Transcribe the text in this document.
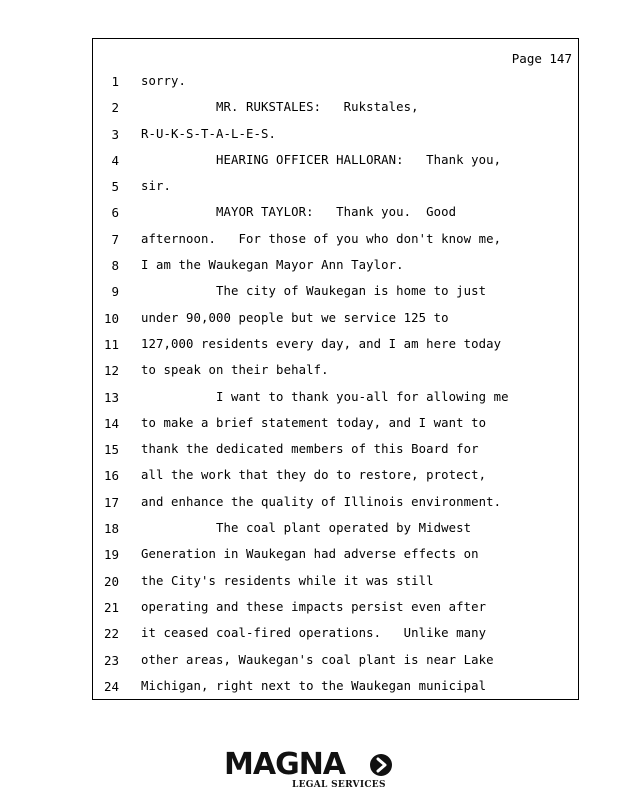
Page 147
1 sorry.
2 MR. RUKSTALES:   Rukstales,
3 R-U-K-S-T-A-L-E-S.
4 HEARING OFFICER HALLORAN:   Thank you,
5 sir.
6 MAYOR TAYLOR:   Thank you.  Good
7 afternoon.   For those of you who don't know me,
8 I am the Waukegan Mayor Ann Taylor.
9 The city of Waukegan is home to just
10 under 90,000 people but we service 125 to
11 127,000 residents every day, and I am here today
12 to speak on their behalf.
13 I want to thank you-all for allowing me
14 to make a brief statement today, and I want to
15 thank the dedicated members of this Board for
16 all the work that they do to restore, protect,
17 and enhance the quality of Illinois environment.
18 The coal plant operated by Midwest
19 Generation in Waukegan had adverse effects on
20 the City's residents while it was still
21 operating and these impacts persist even after
22 it ceased coal-fired operations.   Unlike many
23 other areas, Waukegan's coal plant is near Lake
24 Michigan, right next to the Waukegan municipal
MAGNA
LEGAL SERVICES
